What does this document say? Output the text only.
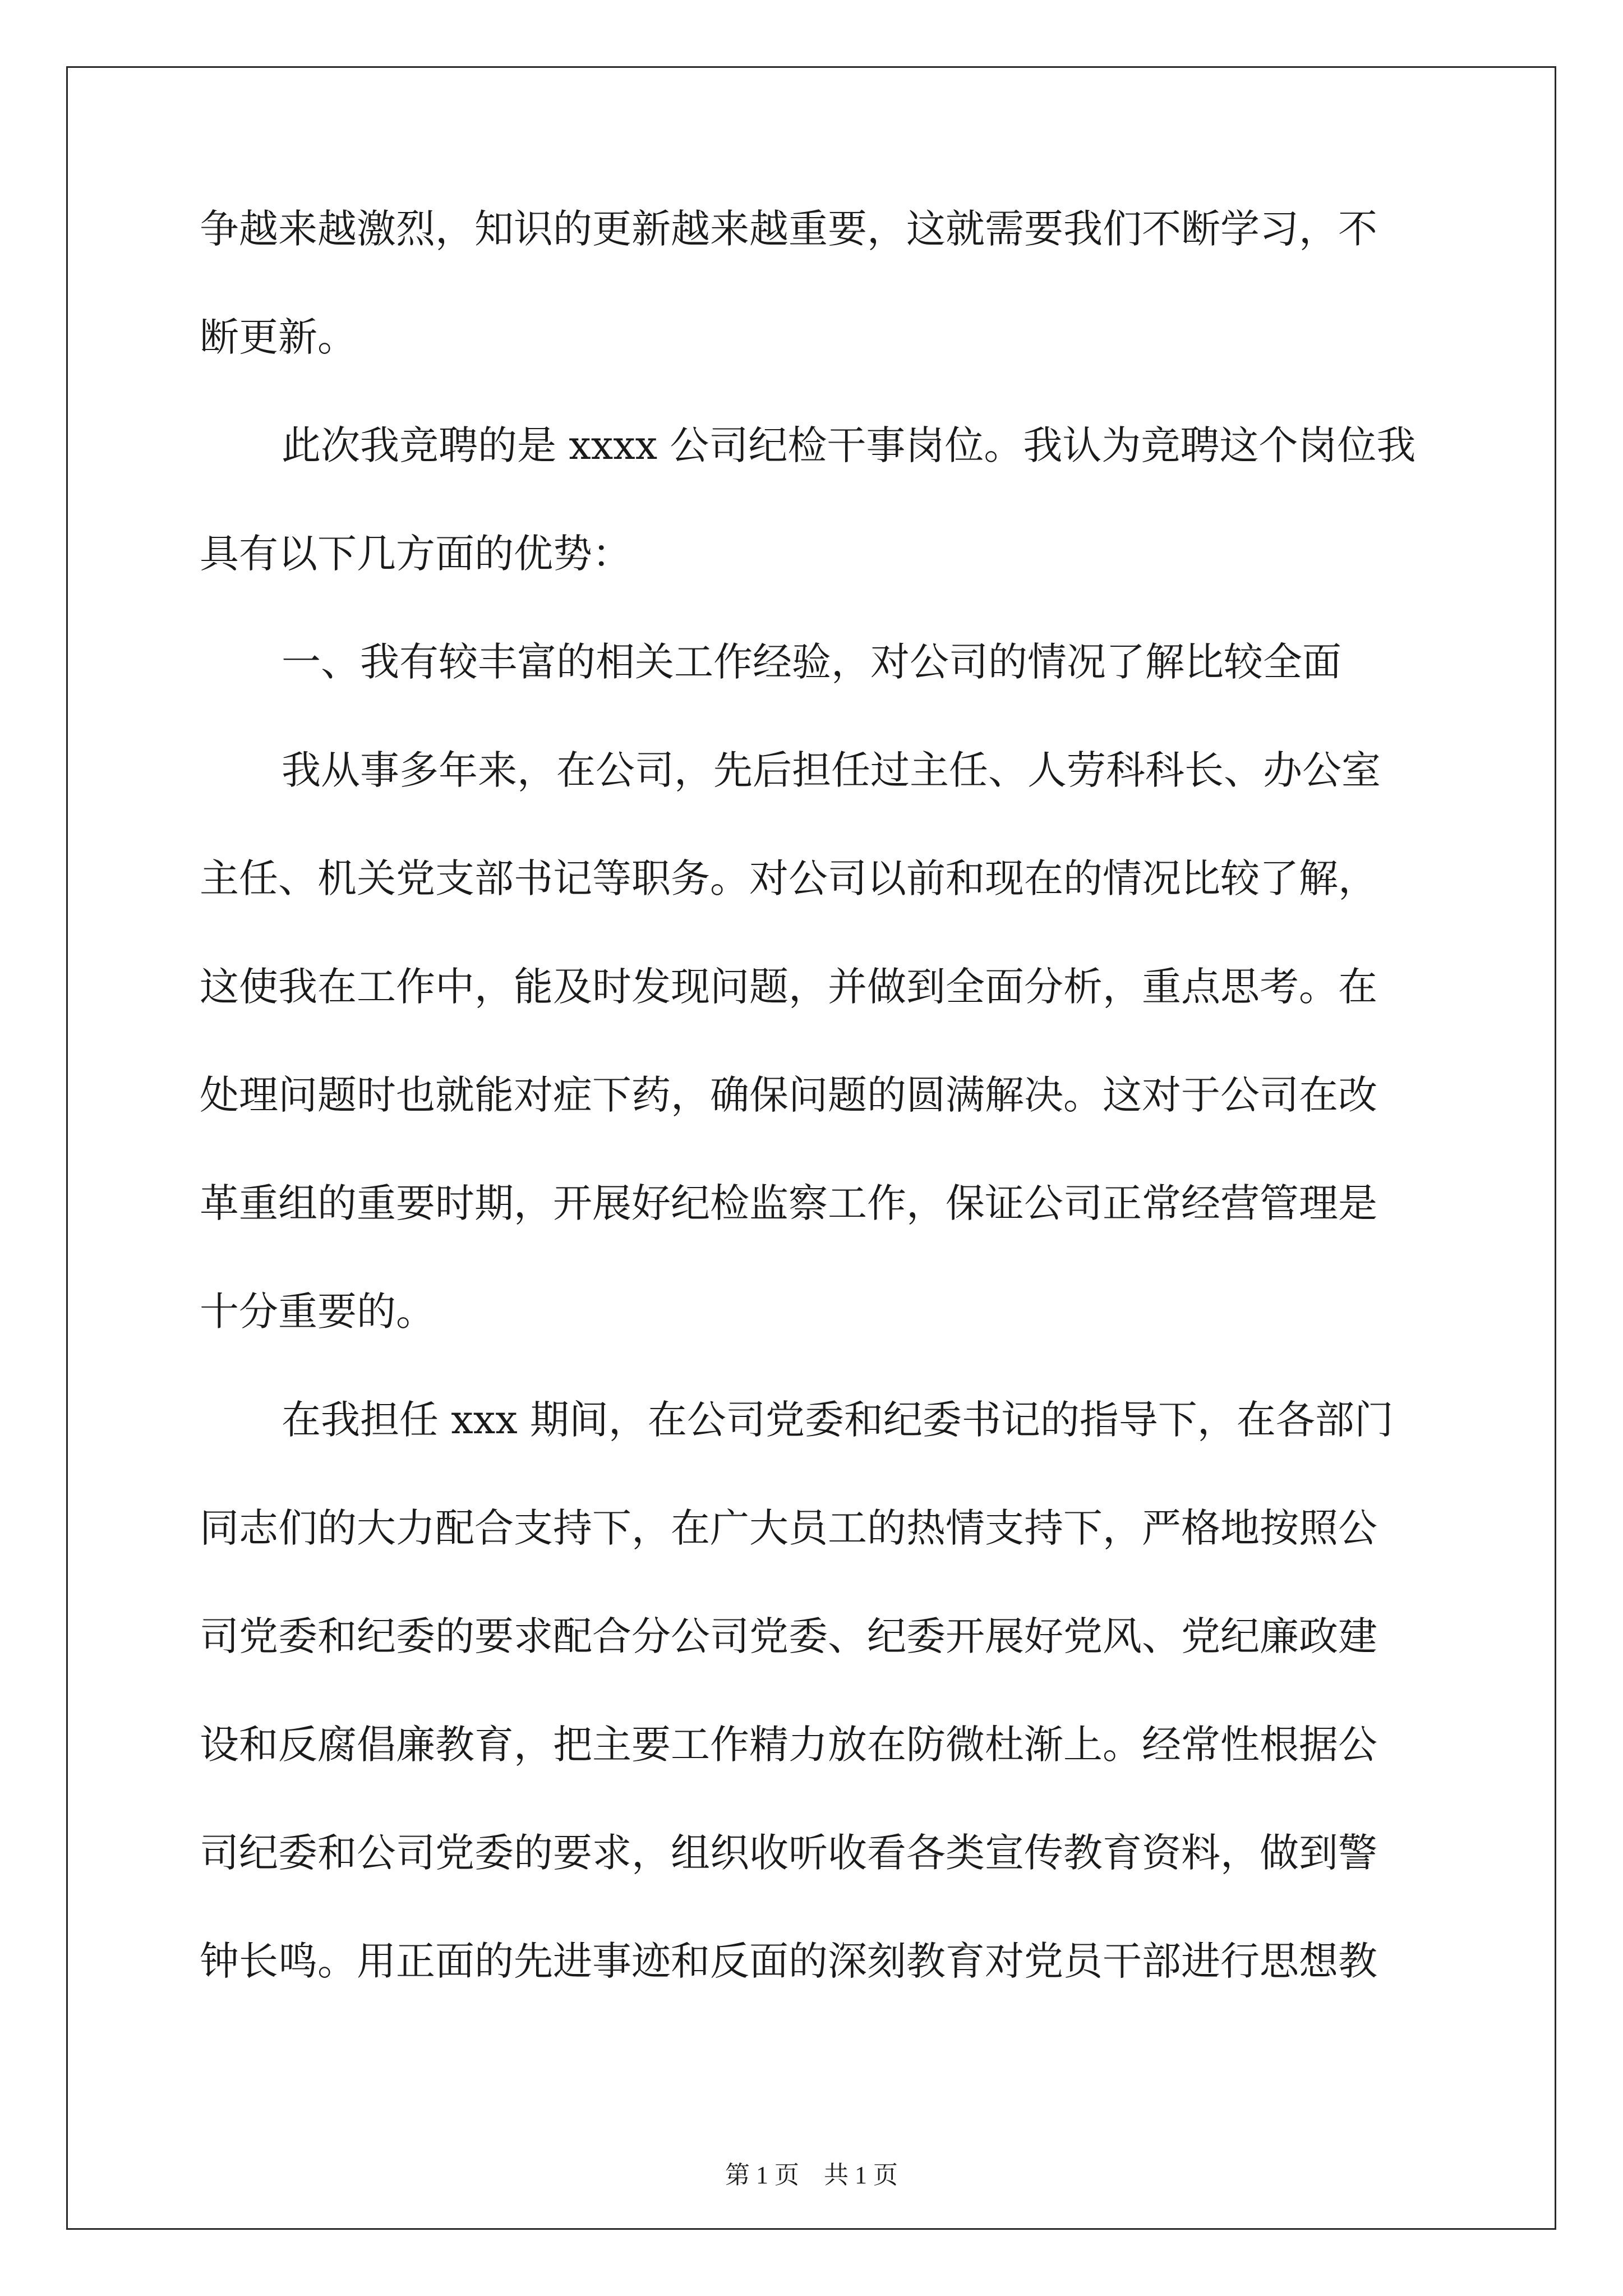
争越来越激烈，知识的更新越来越重要，这就需要我们不断学习，不
断更新。
此次我竞聘的是 xxxx 公司纪检干事岗位。我认为竞聘这个岗位我
具有以下几方面的优势：
一、我有较丰富的相关工作经验，对公司的情况了解比较全面
我从事多年来，在公司，先后担任过主任、人劳科科长、办公室
主任、机关党支部书记等职务。对公司以前和现在的情况比较了解，
这使我在工作中，能及时发现问题，并做到全面分析，重点思考。在
处理问题时也就能对症下药，确保问题的圆满解决。这对于公司在改
革重组的重要时期，开展好纪检监察工作，保证公司正常经营管理是
十分重要的。
在我担任 xxx 期间，在公司党委和纪委书记的指导下，在各部门
同志们的大力配合支持下，在广大员工的热情支持下，严格地按照公
司党委和纪委的要求配合分公司党委、纪委开展好党风、党纪廉政建
设和反腐倡廉教育，把主要工作精力放在防微杜渐上。经常性根据公
司纪委和公司党委的要求，组织收听收看各类宣传教育资料，做到警
钟长鸣。用正面的先进事迹和反面的深刻教育对党员干部进行思想教
第 1 页　共 1 页
